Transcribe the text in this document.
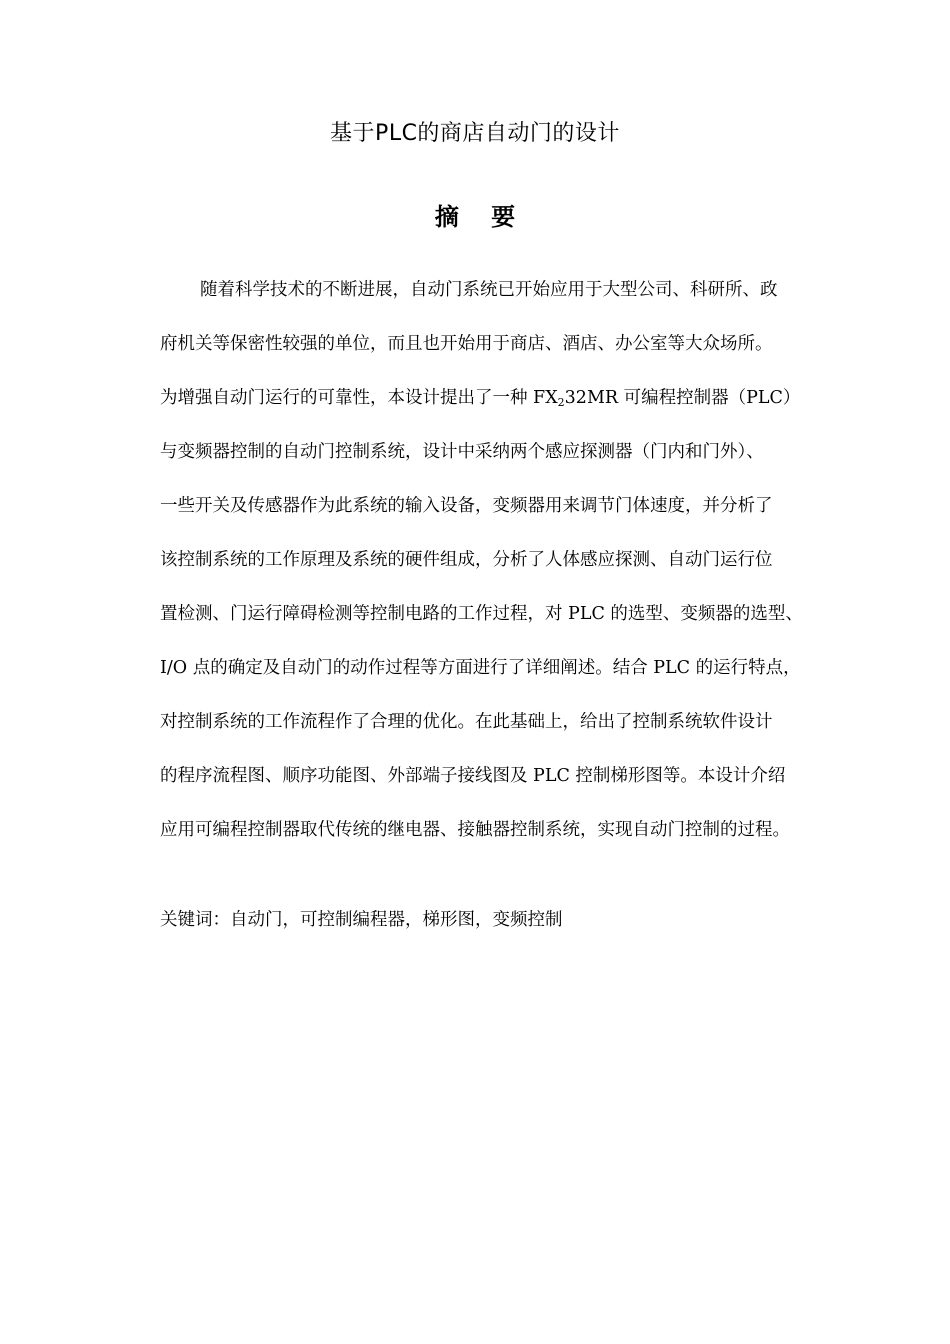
基于PLC的商店自动门的设计
摘 要
随着科学技术的不断进展，自动门系统已开始应用于大型公司、科研所、政
府机关等保密性较强的单位，而且也开始用于商店、酒店、办公室等大众场所。
为增强自动门运行的可靠性，本设计提出了一种 $FX_232MR$ 可编程控制器（PLC）
与变频器控制的自动门控制系统，设计中采纳两个感应探测器（门内和门外）、
一些开关及传感器作为此系统的输入设备，变频器用来调节门体速度，并分析了
该控制系统的工作原理及系统的硬件组成，分析了人体感应探测、自动门运行位
置检测、门运行障碍检测等控制电路的工作过程，对 PLC 的选型、变频器的选型、
I/O 点的确定及自动门的动作过程等方面进行了详细阐述。结合 PLC 的运行特点，
对控制系统的工作流程作了合理的优化。在此基础上，给出了控制系统软件设计
的程序流程图、顺序功能图、外部端子接线图及 PLC 控制梯形图等。本设计介绍
应用可编程控制器取代传统的继电器、接触器控制系统，实现自动门控制的过程。
关键词：自动门，可控制编程器，梯形图，变频控制
